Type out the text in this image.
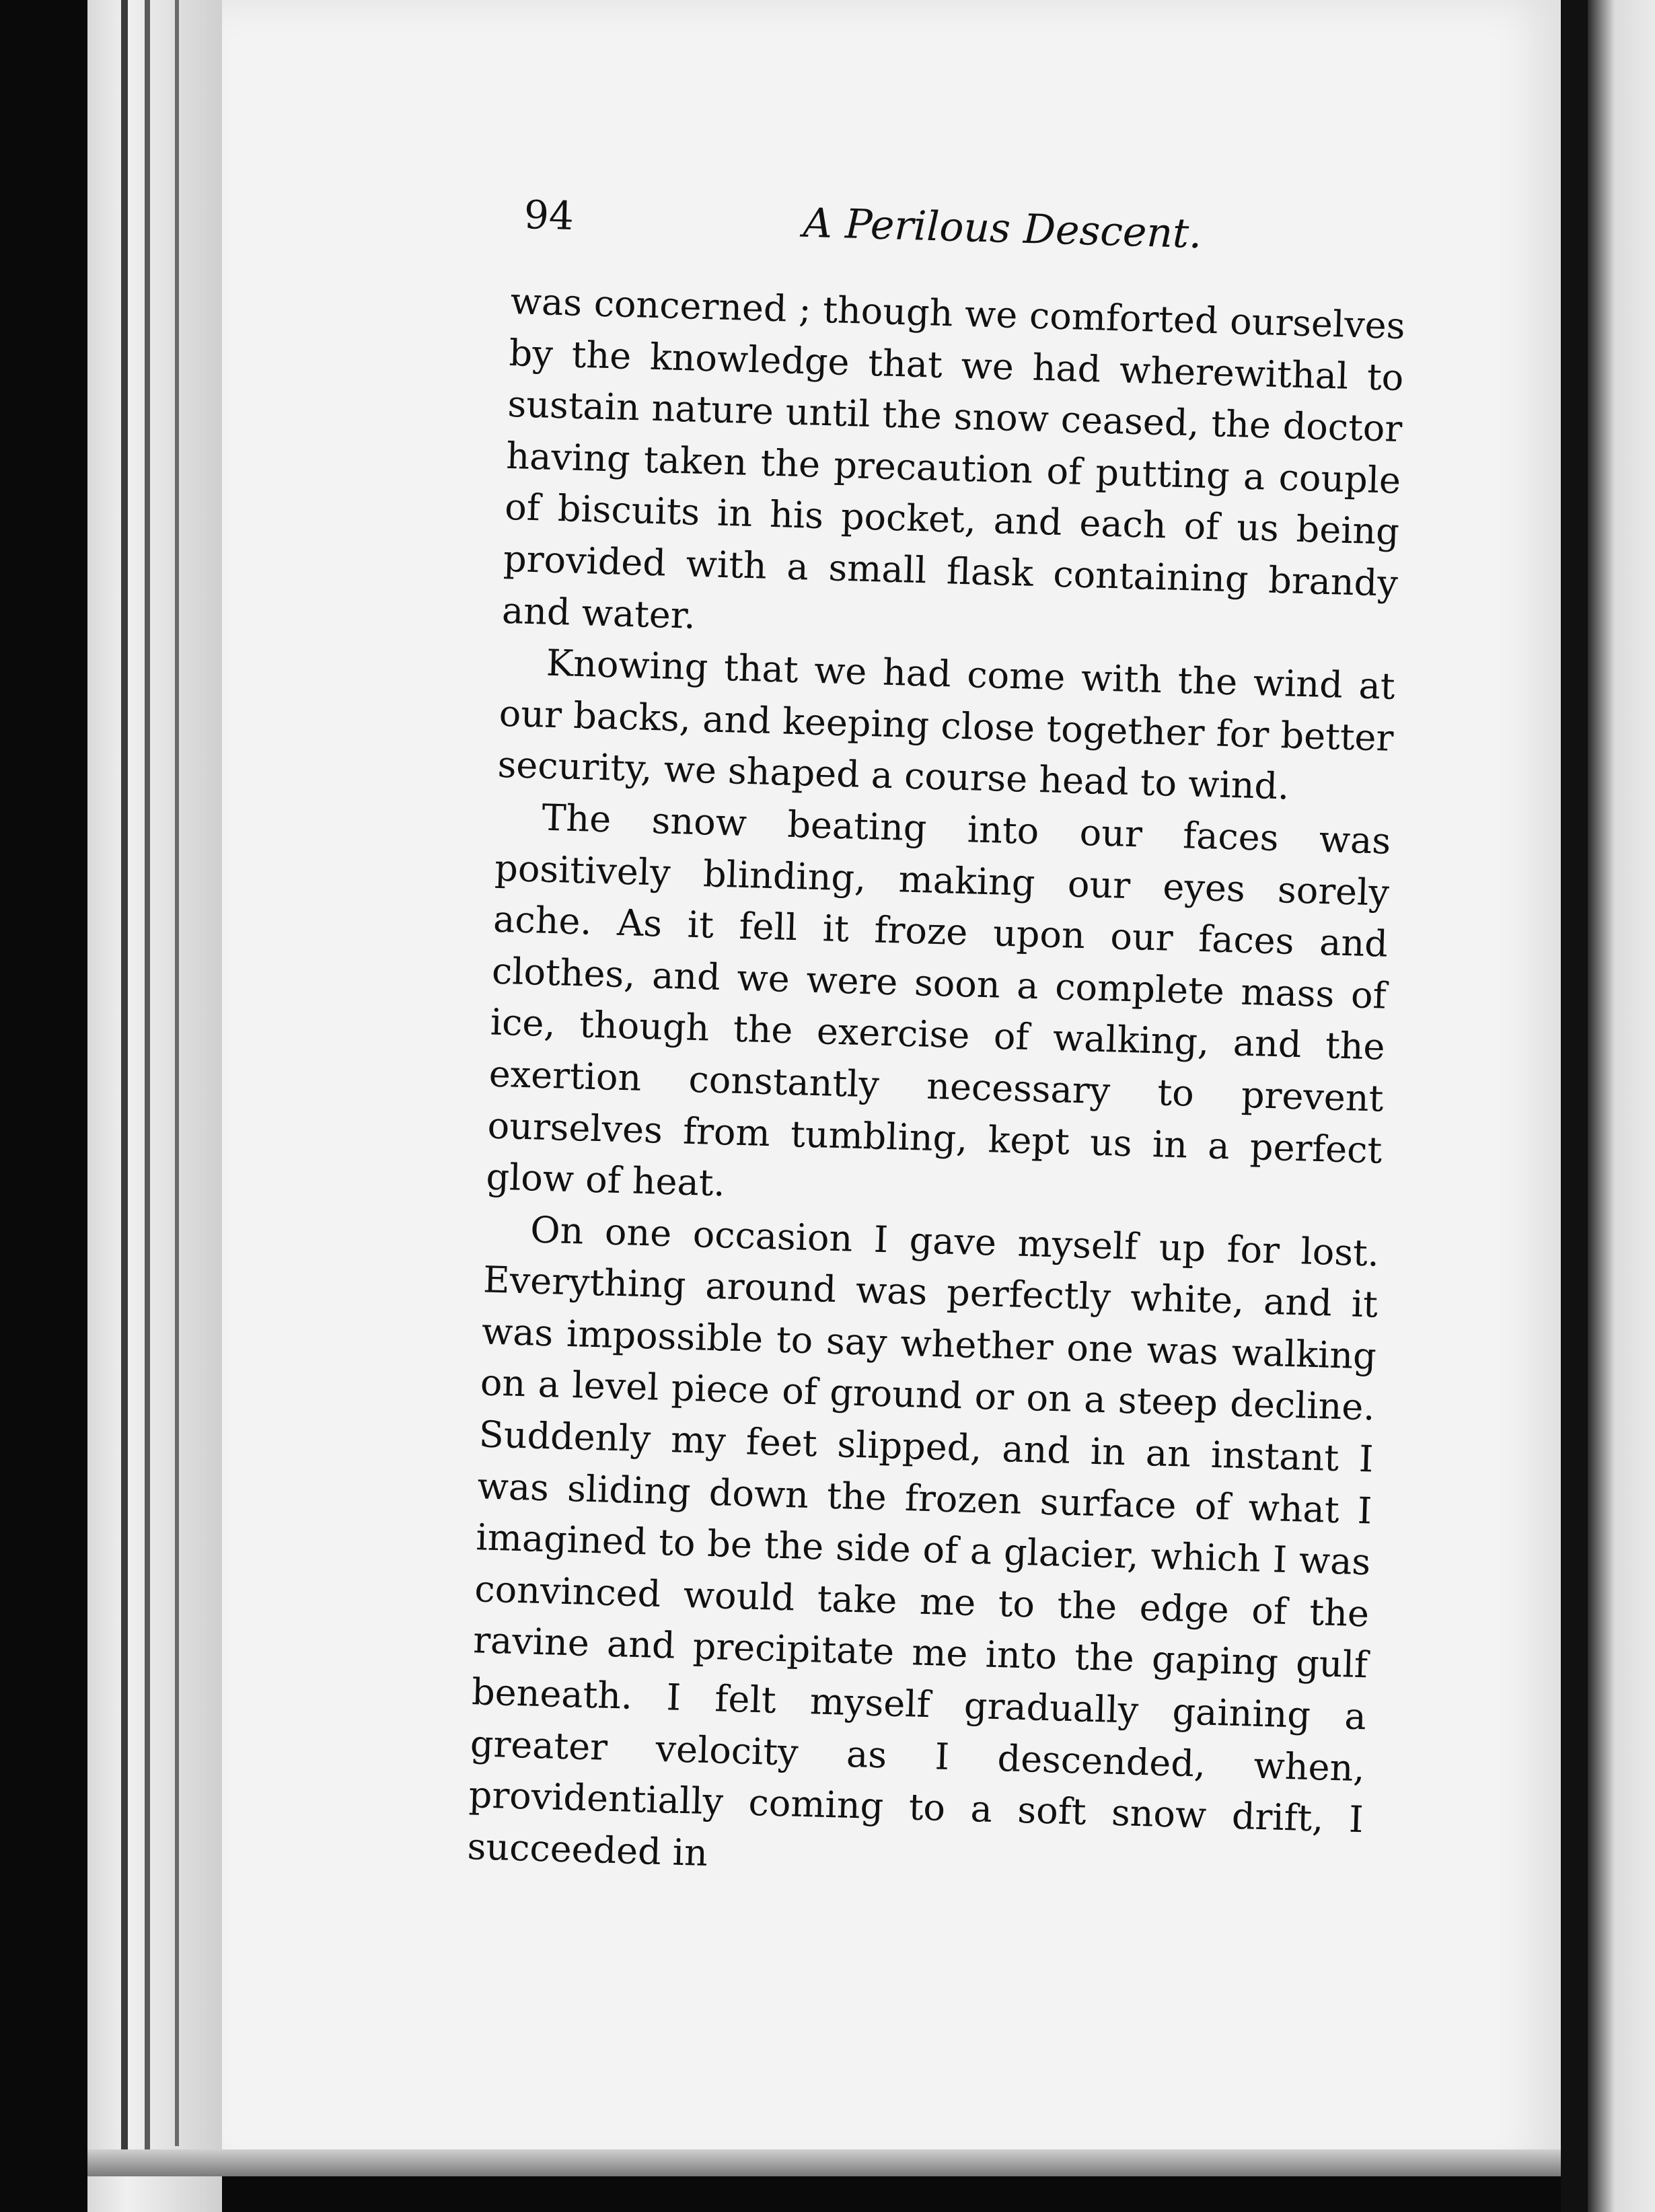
94	A Perilous Descent.

was concerned ; though we comforted ourselves by the knowledge that we had wherewithal to sustain nature until the snow ceased, the doctor having taken the precaution of putting a couple of biscuits in his pocket, and each of us being provided with a small flask containing brandy and water.

Knowing that we had come with the wind at our backs, and keeping close together for better security, we shaped a course head to wind.

The snow beating into our faces was positively blinding, making our eyes sorely ache. As it fell it froze upon our faces and clothes, and we were soon a complete mass of ice, though the exercise of walking, and the exertion constantly necessary to prevent ourselves from tumbling, kept us in a perfect glow of heat.

On one occasion I gave myself up for lost. Everything around was perfectly white, and it was impossible to say whether one was walking on a level piece of ground or on a steep decline. Suddenly my feet slipped, and in an instant I was sliding down the frozen surface of what I imagined to be the side of a glacier, which I was convinced would take me to the edge of the ravine and precipitate me into the gaping gulf beneath. I felt myself gradually gaining a greater velocity as I descended, when, providentially coming to a soft snow drift, I succeeded in
